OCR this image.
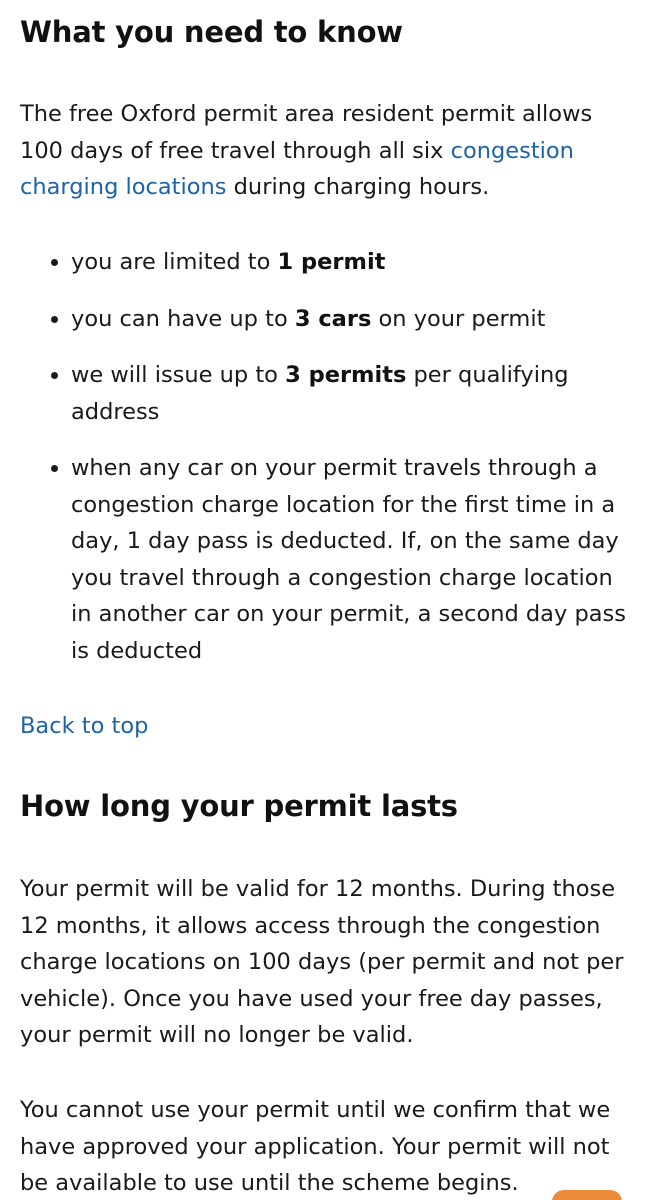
What you need to know

The free Oxford permit area resident permit allows 100 days of free travel through all six congestion charging locations during charging hours.

you are limited to 1 permit
you can have up to 3 cars on your permit
we will issue up to 3 permits per qualifying address
when any car on your permit travels through a congestion charge location for the first time in a day, 1 day pass is deducted. If, on the same day you travel through a congestion charge location in another car on your permit, a second day pass is deducted
Back to top
How long your permit lasts

Your permit will be valid for 12 months. During those 12 months, it allows access through the congestion charge locations on 100 days (per permit and not per vehicle). Once you have used your free day passes, your permit will no longer be valid.

You cannot use your permit until we confirm that we have approved your application. Your permit will not be available to use until the scheme begins.
